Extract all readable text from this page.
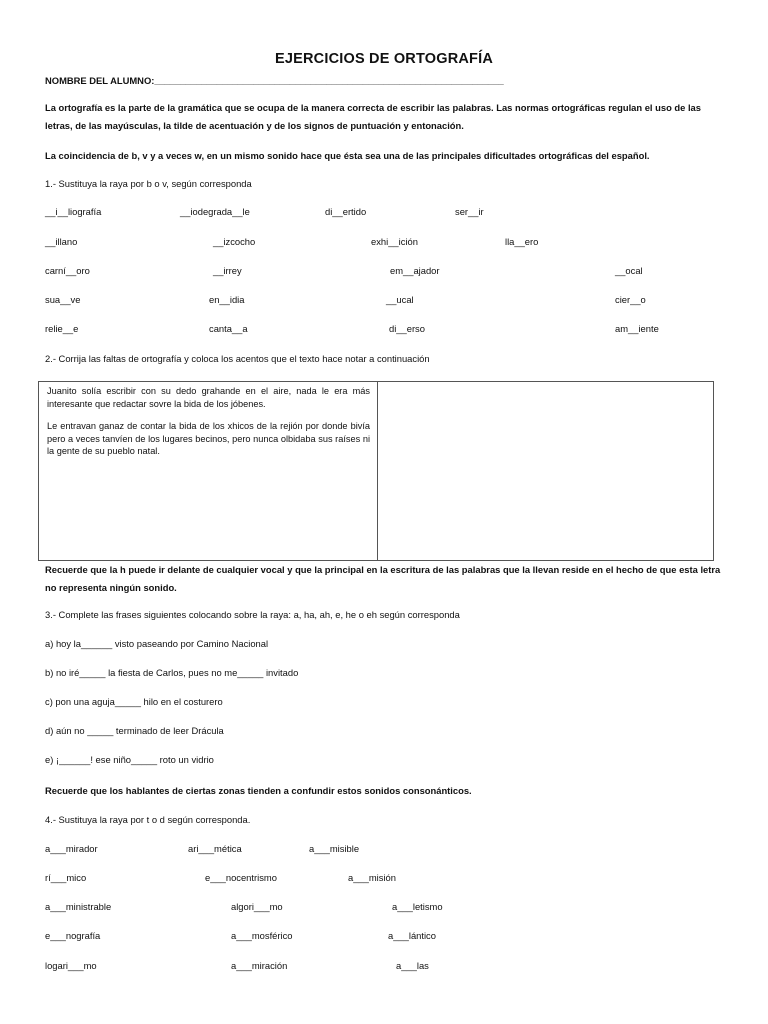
EJERCICIOS DE ORTOGRAFÍA
NOMBRE DEL ALUMNO:___________________________________________________________________
La ortografía es la parte de la gramática que se ocupa de la manera correcta de escribir las palabras. Las normas ortográficas regulan el uso de las letras, de las mayúsculas, la tilde de acentuación y de los signos de puntuación y entonación.
La coincidencia de b, v y a veces w, en un mismo sonido hace que ésta sea una de las principales dificultades ortográficas del español.
1.- Sustituya la raya por b o v, según corresponda
__i__liografía	__iodegrada__le	di__ertido	ser__ir
__illano	__izcocho	exhi__ición	lla__ero
carní__oro	__irrey	em__ajador	__ocal
sua__ve	en__idia	__ucal	cier__o
relie__e	canta__a	di__erso	am__iente
2.- Corrija las faltas de ortografía y coloca los acentos que el texto hace notar a continuación

Juanito solía escribir con su dedo grahande en el aire, nada le era más interesante que redactar sovre la bida de los jóbenes.

Le entravan ganaz de contar la bida de los xhicos de la rejión por donde bivía pero a veces tanvíen de los lugares becinos, pero nunca olbidaba sus raíses ni la gente de su pueblo natal.

Recuerde que la h puede ir delante de cualquier vocal y que la principal en la escritura de las palabras que la llevan reside en el hecho de que esta letra no representa ningún sonido.
3.- Complete las frases siguientes colocando sobre la raya: a, ha, ah, e, he o eh según corresponda
a) hoy la______ visto paseando por Camino Nacional
b) no iré_____ la fiesta de Carlos, pues no me_____ invitado
c) pon una aguja_____ hilo en el costurero
d) aún no _____ terminado de leer Drácula
e) ¡______! ese niño_____ roto un vidrio
Recuerde que los hablantes de ciertas zonas tienden a confundir estos sonidos consonánticos.
4.- Sustituya la raya por t o d según corresponda.
a___mirador	ari___mética	a___misible
rí___mico	e___nocentrismo	a___misión
a___ministrable	algori___mo	a___letismo
e___nografía	a___mosférico	a___lántico
logari___mo	a___miración	a___las
